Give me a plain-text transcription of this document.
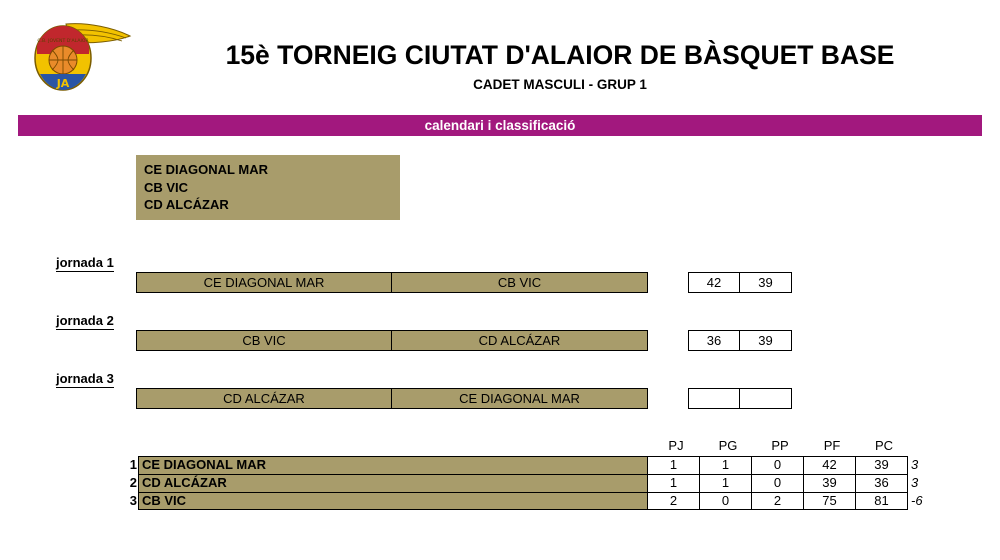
JA
C.B. JOVENT D'ALAIOR	15è TORNEIG CIUTAT D'ALAIOR DE BÀSQUET BASE
CADET MASCULI - GRUP 1
calendari i classificació
CE DIAGONAL MAR
CB VIC
CD ALCÁZAR
jornada 1
CE DIAGONAL MAR	CB VIC	42	39
jornada 2
CB VIC	CD ALCÁZAR	36	39
jornada 3
CD ALCÁZAR	CE DIAGONAL MAR
PJ	PG	PP	PF	PC
1 CE DIAGONAL MAR	1	1	0	42	39	3
2 CD ALCÁZAR	1	1	0	39	36	3
3 CB VIC	2	0	2	75	81	-6
